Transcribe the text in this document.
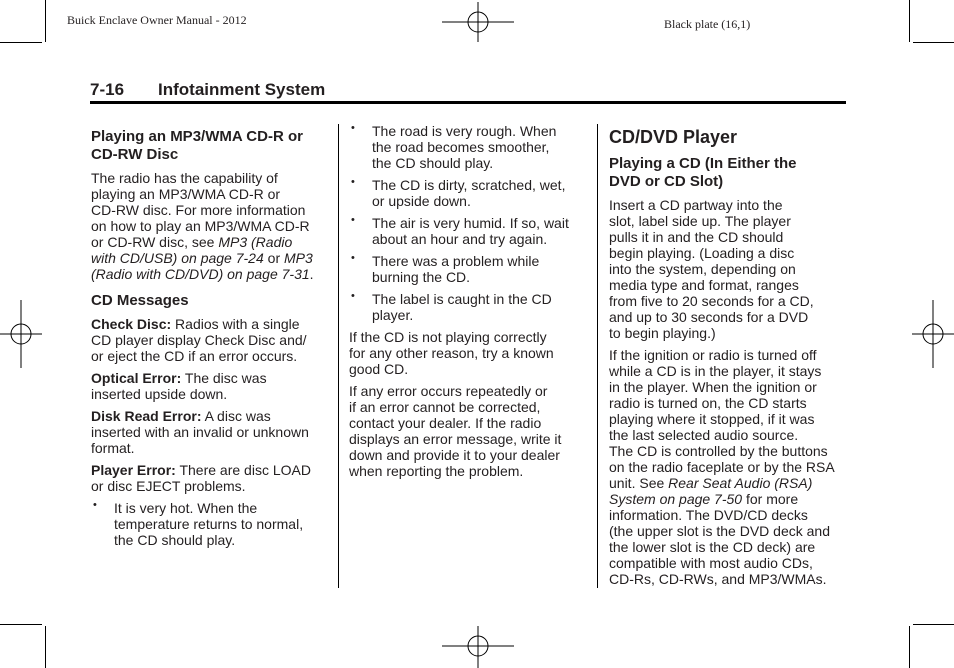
Buick Enclave Owner Manual - 2012	Black plate (16,1)
7-16 Infotainment System
Playing an MP3/WMA CD-R or
CD-RW Disc

The radio has the capability of
playing an MP3/WMA CD-R or
CD-RW disc. For more information
on how to play an MP3/WMA CD-R
or CD-RW disc, see MP3 (Radio
with CD/USB) on page 7-24 or MP3
(Radio with CD/DVD) on page 7-31.

CD Messages

Check Disc: Radios with a single
CD player display Check Disc and/
or eject the CD if an error occurs.

Optical Error: The disc was
inserted upside down.

Disk Read Error: A disc was
inserted with an invalid or unknown
format.

Player Error: There are disc LOAD
or disc EJECT problems.

• It is very hot. When the
temperature returns to normal,
the CD should play.
• The road is very rough. When
the road becomes smoother,
the CD should play.
• The CD is dirty, scratched, wet,
or upside down.
• The air is very humid. If so, wait
about an hour and try again.
• There was a problem while
burning the CD.
• The label is caught in the CD
player.

If the CD is not playing correctly
for any other reason, try a known
good CD.

If any error occurs repeatedly or
if an error cannot be corrected,
contact your dealer. If the radio
displays an error message, write it
down and provide it to your dealer
when reporting the problem.

CD/DVD Player
Playing a CD (In Either the
DVD or CD Slot)

Insert a CD partway into the
slot, label side up. The player
pulls it in and the CD should
begin playing. (Loading a disc
into the system, depending on
media type and format, ranges
from five to 20 seconds for a CD,
and up to 30 seconds for a DVD
to begin playing.)

If the ignition or radio is turned off
while a CD is in the player, it stays
in the player. When the ignition or
radio is turned on, the CD starts
playing where it stopped, if it was
the last selected audio source.
The CD is controlled by the buttons
on the radio faceplate or by the RSA
unit. See Rear Seat Audio (RSA)
System on page 7-50 for more
information. The DVD/CD decks
(the upper slot is the DVD deck and
the lower slot is the CD deck) are
compatible with most audio CDs,
CD-Rs, CD-RWs, and MP3/WMAs.
